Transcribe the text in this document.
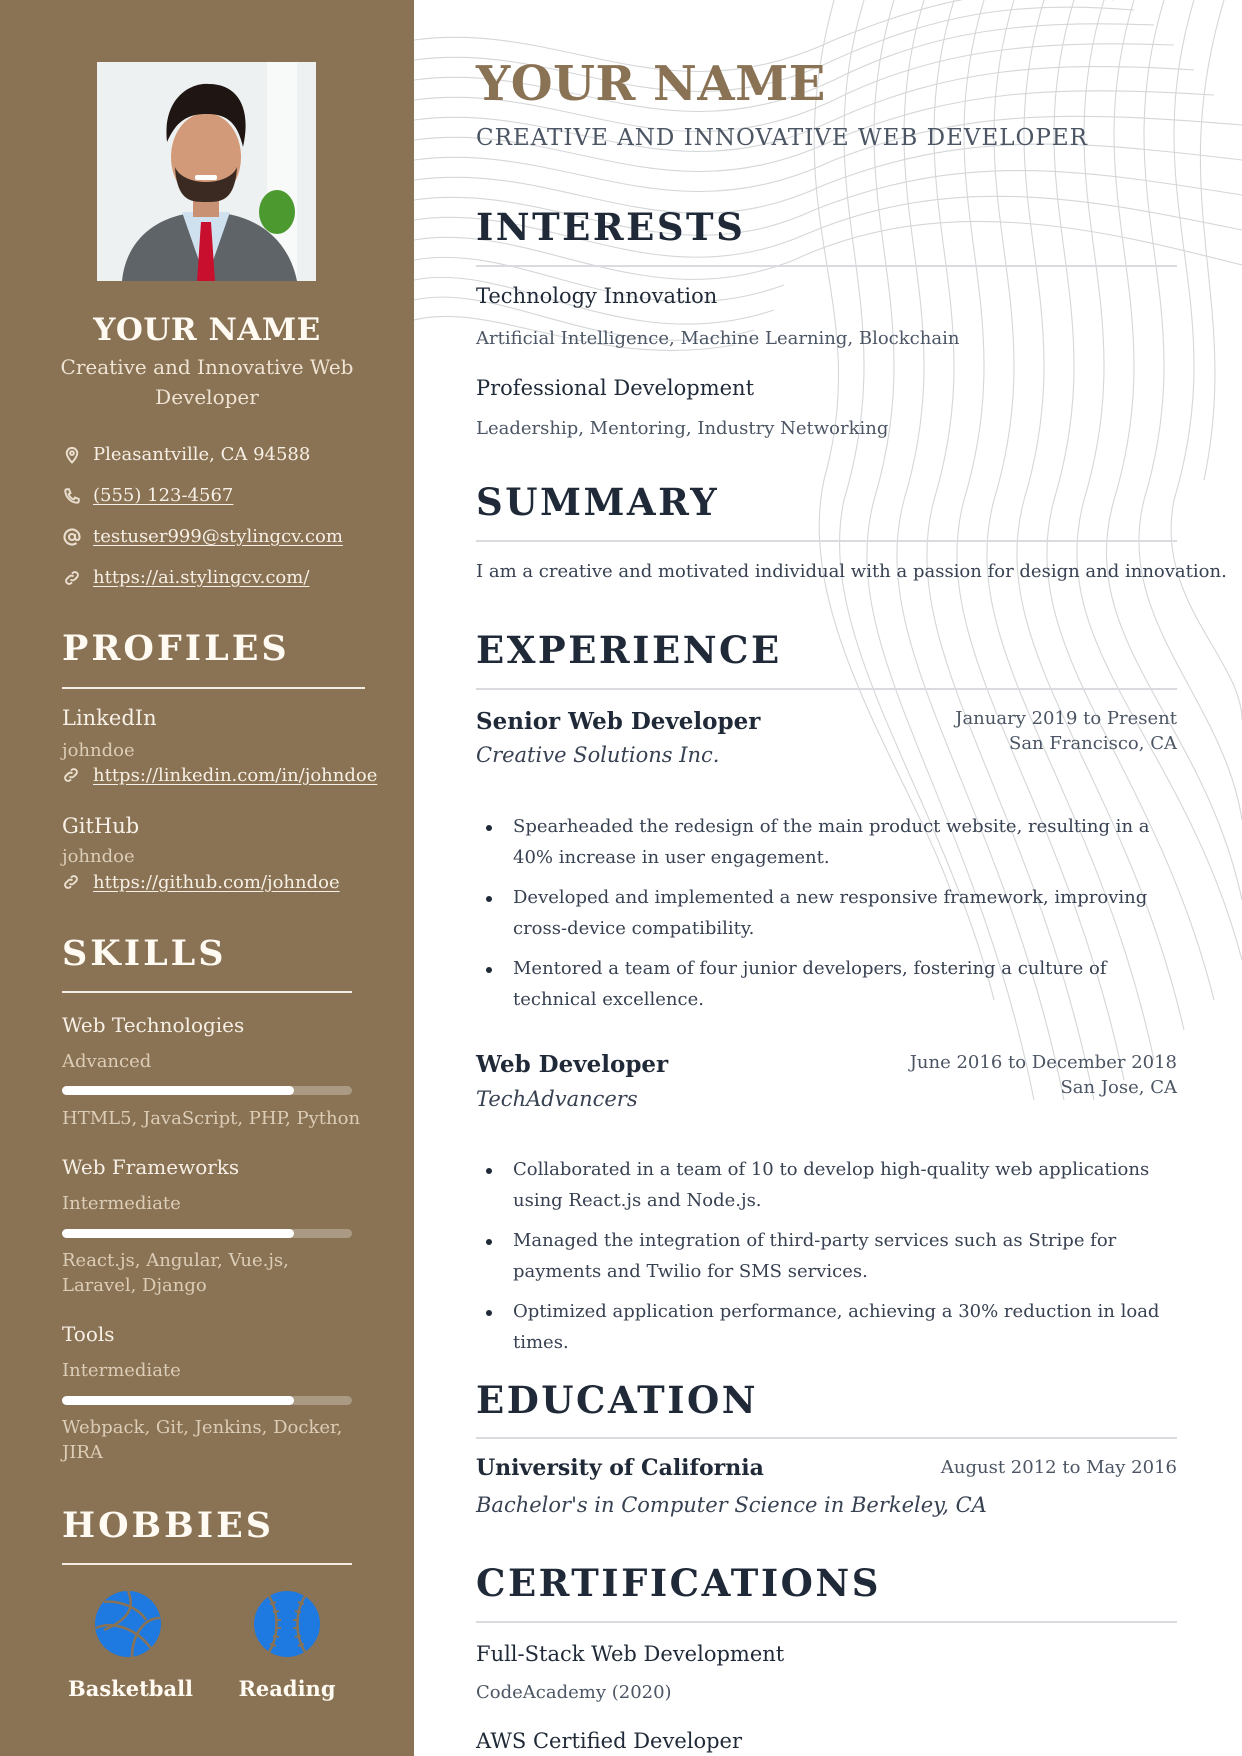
YOUR NAME
Creative and Innovative Web Developer
Pleasantville, CA 94588
(555) 123-4567
testuser999@stylingcv.com
https://ai.stylingcv.com/
PROFILES
LinkedIn
johndoe
https://linkedin.com/in/johndoe
GitHub
johndoe
https://github.com/johndoe
SKILLS
Web Technologies
Advanced
HTML5, JavaScript, PHP, Python
Web Frameworks
Intermediate
React.js, Angular, Vue.js, Laravel, Django
Tools
Intermediate
Webpack, Git, Jenkins, Docker, JIRA
HOBBIES
Basketball	Reading
YOUR NAME
CREATIVE AND INNOVATIVE WEB DEVELOPER
INTERESTS
Technology Innovation
Artificial Intelligence, Machine Learning, Blockchain
Professional Development
Leadership, Mentoring, Industry Networking
SUMMARY
I am a creative and motivated individual with a passion for design and innovation.
EXPERIENCE
Senior Web Developer
Creative Solutions Inc.
January 2019 to Present
San Francisco, CA
Spearheaded the redesign of the main product website, resulting in a 40% increase in user engagement.
Developed and implemented a new responsive framework, improving cross-device compatibility.
Mentored a team of four junior developers, fostering a culture of technical excellence.
Web Developer
TechAdvancers
June 2016 to December 2018
San Jose, CA
Collaborated in a team of 10 to develop high-quality web applications using React.js and Node.js.
Managed the integration of third-party services such as Stripe for payments and Twilio for SMS services.
Optimized application performance, achieving a 30% reduction in load times.
EDUCATION
University of California
Bachelor's in Computer Science in Berkeley, CA
August 2012 to May 2016
CERTIFICATIONS
Full-Stack Web Development
CodeAcademy (2020)
AWS Certified Developer
